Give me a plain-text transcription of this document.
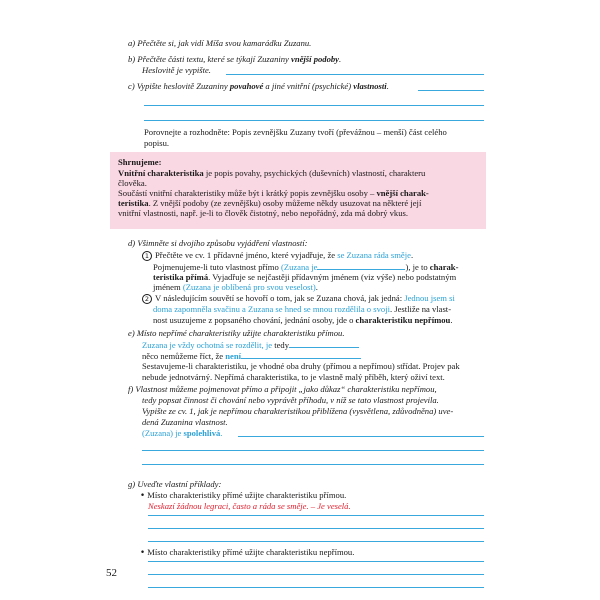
a) Přečtěte si, jak vidí Míša svou kamarádku Zuzanu.
b) Přečtěte části textu, které se týkají Zuzaniny vnější podoby.
Heslovitě je vypište.
c) Vypište heslovitě Zuzaniny povahové a jiné vnitřní (psychické) vlastnosti.
Porovnejte a rozhodněte: Popis zevnějšku Zuzany tvoří (převážnou – menší) část celého
popisu.
Shrnujeme:
Vnitřní charakteristika je popis povahy, psychických (duševních) vlastností, charakteru
člověka.
Součástí vnitřní charakteristiky může být i krátký popis zevnějšku osoby – vnější charak-
teristika. Z vnější podoby (ze zevnějšku) osoby můžeme někdy usuzovat na některé její
vnitřní vlastnosti, např. je-li to člověk čistotný, nebo nepořádný, zda má dobrý vkus.
d) Všimněte si dvojího způsobu vyjádření vlastností:
1 Přečtěte ve cv. 1 přídavné jméno, které vyjadřuje, že se Zuzana ráda směje.
Pojmenujeme-li tuto vlastnost přímo (Zuzana je	), je to charak-
teristika přímá. Vyjadřuje se nejčastěji přídavným jménem (viz výše) nebo podstatným
jménem (Zuzana je oblíbená pro svou veselost).
2 V následujícím souvětí se hovoří o tom, jak se Zuzana chová, jak jedná: Jednou jsem si
doma zapomněla svačinu a Zuzana se hned se mnou rozdělila o svoji. Jestliže na vlast-
nost usuzujeme z popsaného chování, jednání osoby, jde o charakteristiku nepřímou.
e) Místo nepřímé charakteristiky užijte charakteristiku přímou.
Zuzana je vždy ochotná se rozdělit, je tedy
něco nemůžeme říct, že není
Sestavujeme-li charakteristiku, je vhodné oba druhy (přímou a nepřímou) střídat. Projev pak
nebude jednotvárný. Nepřímá charakteristika, to je vlastně malý příběh, který oživí text.
f) Vlastnost můžeme pojmenovat přímo a připojit „jako důkaz“ charakteristiku nepřímou,
tedy popsat činnost či chování nebo vyprávět příhodu, v níž se tato vlastnost projevila.
Vypište ze cv. 1, jak je nepřímou charakteristikou přiblížena (vysvětlena, zdůvodněna) uve-
dená Zuzanina vlastnost.
(Zuzana) je spolehlivá.
g) Uveďte vlastní příklady:
• Místo charakteristiky přímé užijte charakteristiku přímou.
Neskazí žádnou legraci, často a ráda se směje. – Je veselá.
• Místo charakteristiky přímé užijte charakteristiku nepřímou.
52
